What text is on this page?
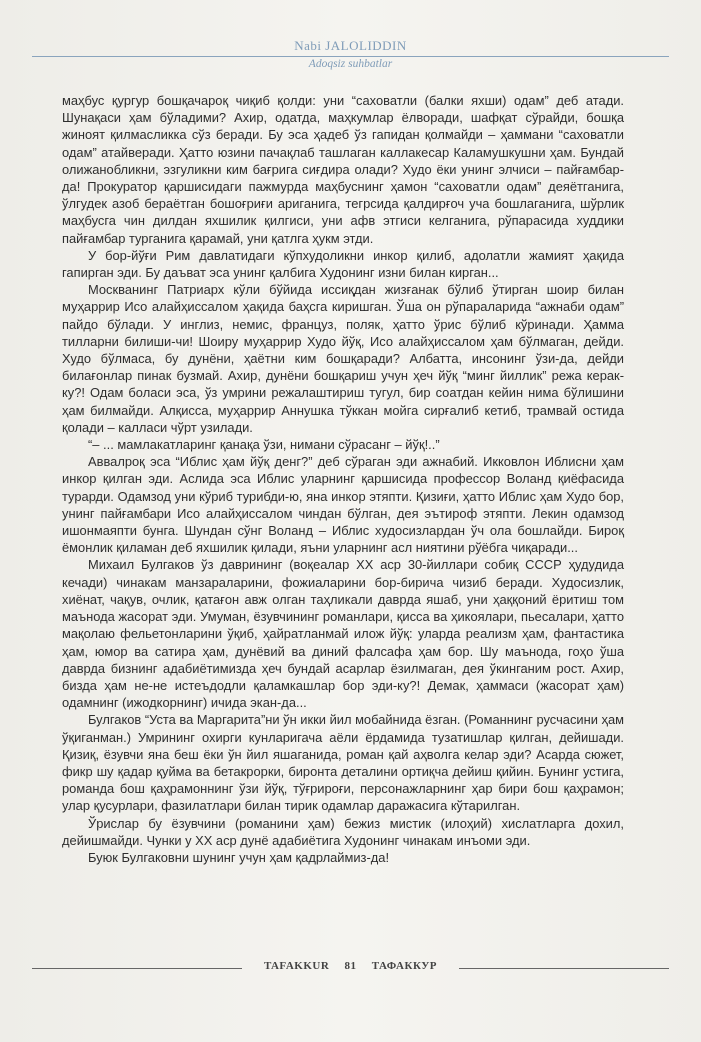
Nabi JALOLIDDIN
Adoqsiz suhbatlar

маҳбус қургур бошқачароқ чиқиб қолди: уни “саховатли (балки яхши) одам” деб атади. Шунақаси ҳам бўладими? Ахир, одатда, маҳкумлар ёлворади, шафқат сўрайди, бошқа жиноят қилмасликка сўз беради. Бу эса ҳадеб ўз гапидан қолмайди – ҳаммани “саховатли одам” атайверади. Ҳатто юзини пачақлаб ташлаган каллакесар Каламушкушни ҳам. Бундай олижанобликни, эзгуликни ким бағрига сиғдира олади? Худо ёки унинг элчиси – пайғамбар-да! Прокуратор қаршисидаги пажмурда маҳбуснинг ҳамон “саховатли одам” деяётганига, ўлгудек азоб бераётган бошоғриғи ариганига, тегрсида қалдирғоч уча бошлаганига, шўрлик маҳбусга чин дилдан яхшилик қилгиси, уни афв этгиси келганига, рўпарасида худдики пайғамбар турганига қарамай, уни қатлга ҳукм этди.

У бор-йўғи Рим давлатидаги кўпхудоликни инкор қилиб, адолатли жамият ҳақида гапирган эди. Бу даъват эса унинг қалбига Худонинг изни билан кирган...

Москванинг Патриарх кўли бўйида иссиқдан жизғанак бўлиб ўтирган шоир билан муҳаррир Исо алайҳиссалом ҳақида баҳсга киришган. Ўша он рўпараларида “ажнаби одам” пайдо бўлади. У инглиз, немис, француз, поляк, ҳатто ўрис бўлиб кўринади. Ҳамма тилларни билиши-чи! Шоиру муҳаррир Худо йўқ, Исо алайҳиссалом ҳам бўлмаган, дейди. Худо бўлмаса, бу дунёни, ҳаётни ким бошқаради? Албатта, инсонинг ўзи-да, дейди билағонлар пинак бузмай. Ахир, дунёни бошқариш учун ҳеч йўқ “минг йиллик” режа керак-ку?! Одам боласи эса, ўз умрини режалаштириш тугул, бир соатдан кейин нима бўлишини ҳам билмайди. Алқисса, муҳаррир Аннушка тўккан мойга сирғалиб кетиб, трамвай остида қолади – калласи чўрт узилади.

“– ... мамлакатларинг қанақа ўзи, нимани сўрасанг – йўқ!..”

Аввалроқ эса “Иблис ҳам йўқ денг?” деб сўраган эди ажнабий. Икковлон Иблисни ҳам инкор қилган эди. Аслида эса Иблис уларнинг қаршисида профессор Воланд қиёфасида турарди. Одамзод уни кўриб турибди-ю, яна инкор этяпти. Қизиғи, ҳатто Иблис ҳам Худо бор, унинг пайғамбари Исо алайҳиссалом чиндан бўлган, дея эътироф этяпти. Лекин одамзод ишонмаяпти бунга. Шундан сўнг Воланд – Иблис худосизлардан ўч ола бошлайди. Бироқ ёмонлик қиламан деб яхшилик қилади, яъни уларнинг асл ниятини рўёбга чиқаради...

Михаил Булгаков ўз даврининг (воқеалар XX аср 30-йиллари собиқ СССР ҳудудида кечади) чинакам манзараларини, фожиаларини бор-бирича чизиб беради. Худосизлик, хиёнат, чақув, очлик, қатағон авж олган таҳликали даврда яшаб, уни ҳаққоний ёритиш том маънода жасорат эди. Умуман, ёзувчининг романлари, қисса ва ҳикоялари, пьесалари, ҳатто мақолаю фельетонларини ўқиб, ҳайратланмай илож йўқ: уларда реализм ҳам, фантастика ҳам, юмор ва сатира ҳам, дунёвий ва диний фалсафа ҳам бор. Шу маънода, гоҳо ўша даврда бизнинг адабиётимизда ҳеч бундай асарлар ёзилмаган, дея ўкинганим рост. Ахир, бизда ҳам не-не истеъдодли қаламкашлар бор эди-ку?! Демак, ҳаммаси (жасорат ҳам) одамнинг (ижодкорнинг) ичида экан-да...

Булгаков “Уста ва Маргарита”ни ўн икки йил мобайнида ёзган. (Романнинг русчасини ҳам ўқиганман.) Умрининг охирги кунларигача аёли ёрдамида тузатишлар қилган, дейишади. Қизиқ, ёзувчи яна беш ёки ўн йил яшаганида, роман қай аҳволга келар эди? Асарда сюжет, фикр шу қадар қуйма ва бетакрорки, биронта деталини ортиқча дейиш қийин. Бунинг устига, романда бош қаҳрамоннинг ўзи йўқ, тўғрироғи, персонажларнинг ҳар бири бош қаҳрамон; улар қусурлари, фазилатлари билан тирик одамлар даражасига кўтарилган.

Ўрислар бу ёзувчини (романини ҳам) бежиз мистик (илоҳий) хислатларга дохил, дейишмайди. Чунки у XX аср дунё адабиётига Худонинг чинакам инъоми эди.

Буюк Булгаковни шунинг учун ҳам қадрлаймиз-да!

TAFAKKUR 81 ТАФАККУР
